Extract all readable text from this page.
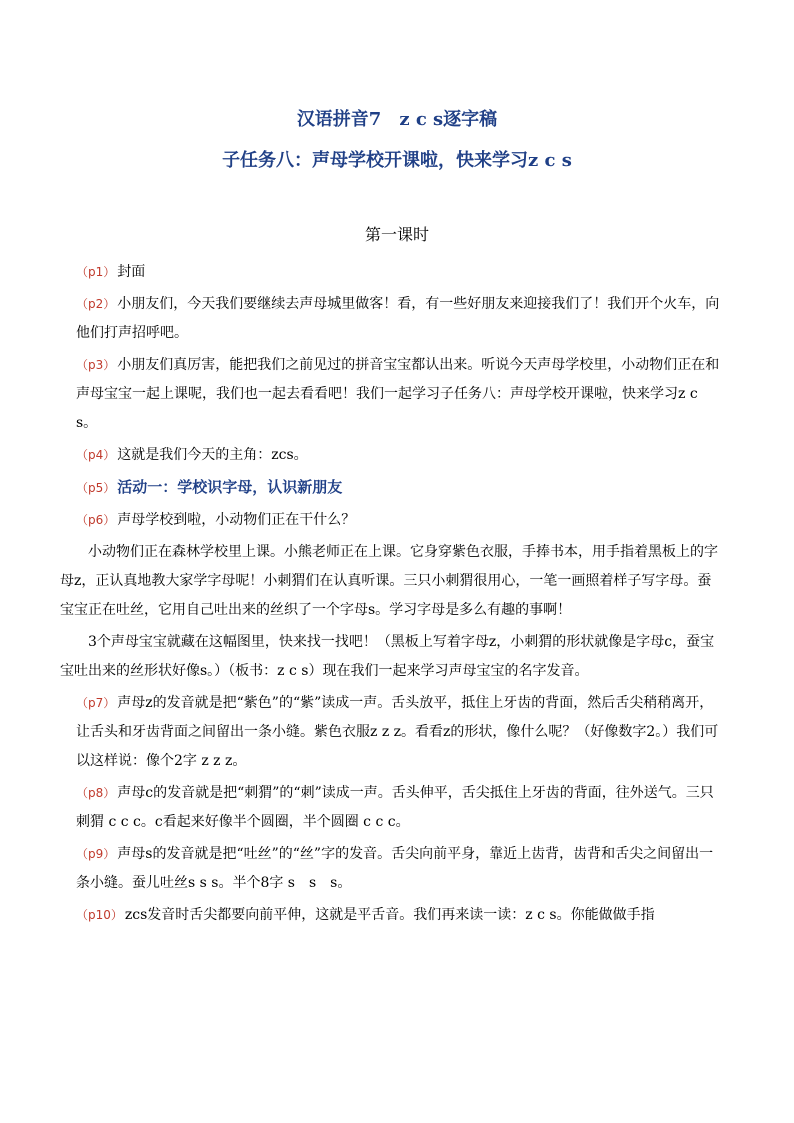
汉语拼音7　z c s逐字稿
子任务八：声母学校开课啦，快来学习z c s
第一课时

（p1） 封面

（p2） 小朋友们，今天我们要继续去声母城里做客！看，有一些好朋友来迎接我们了！我们开个火车，向他们打声招呼吧。

（p3） 小朋友们真厉害，能把我们之前见过的拼音宝宝都认出来。听说今天声母学校里，小动物们正在和声母宝宝一起上课呢，我们也一起去看看吧！我们一起学习子任务八：声母学校开课啦，快来学习z c s。

（p4） 这就是我们今天的主角：zcs。

（p5） 活动一：学校识字母，认识新朋友

（p6） 声母学校到啦，小动物们正在干什么？

小动物们正在森林学校里上课。小熊老师正在上课。它身穿紫色衣服，手捧书本，用手指着黑板上的字母z，正认真地教大家学字母呢！小刺猬们在认真听课。三只小刺猬很用心，一笔一画照着样子写字母。蚕宝宝正在吐丝，它用自己吐出来的丝织了一个字母s。学习字母是多么有趣的事啊！

3个声母宝宝就藏在这幅图里，快来找一找吧！（黑板上写着字母z，小刺猬的形状就像是字母c，蚕宝宝吐出来的丝形状好像s。）（板书：z c s）现在我们一起来学习声母宝宝的名字发音。

（p7） 声母z的发音就是把“紫色”的“紫”读成一声。舌头放平，抵住上牙齿的背面，然后舌尖稍稍离开，让舌头和牙齿背面之间留出一条小缝。紫色衣服z z z。看看z的形状，像什么呢？（好像数字2。）我们可以这样说：像个2字 z z z。

（p8） 声母c的发音就是把“刺猬”的“刺”读成一声。舌头伸平，舌尖抵住上牙齿的背面，往外送气。三只刺猬 c c c。c看起来好像半个圆圈，半个圆圈 c c c。

（p9） 声母s的发音就是把“吐丝”的“丝”字的发音。舌尖向前平身，靠近上齿背，齿背和舌尖之间留出一条小缝。蚕儿吐丝s s s。半个8字 s　s　s。

（p10） zcs发音时舌尖都要向前平伸，这就是平舌音。我们再来读一读：z c s。你能做做手指
